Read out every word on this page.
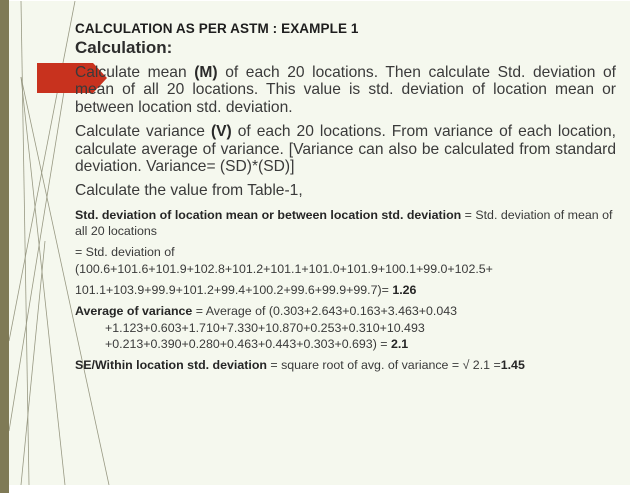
CALCULATION AS PER ASTM : EXAMPLE 1
Calculation:

Calculate mean (M) of each 20 locations. Then calculate Std. deviation of mean of all 20 locations. This value is std. deviation of location mean or between location std. deviation.

Calculate variance (V) of each 20 locations. From variance of each location, calculate average of variance. [Variance can also be calculated from standard deviation. Variance= (SD)*(SD)]

Calculate the value from Table-1,

Std. deviation of location mean or between location std. deviation = Std. deviation of mean of all 20 locations

= Std. deviation of
(100.6+101.6+101.9+102.8+101.2+101.1+101.0+101.9+100.1+99.0+102.5+

101.1+103.9+99.9+101.2+99.4+100.2+99.6+99.9+99.7)= 1.26

Average of variance = Average of (0.303+2.643+0.163+3.463+0.043
+1.123+0.603+1.710+7.330+10.870+0.253+0.310+10.493
+0.213+0.390+0.280+0.463+0.443+0.303+0.693) = 2.1

SE/Within location std. deviation = square root of avg. of variance = √ 2.1 =1.45
